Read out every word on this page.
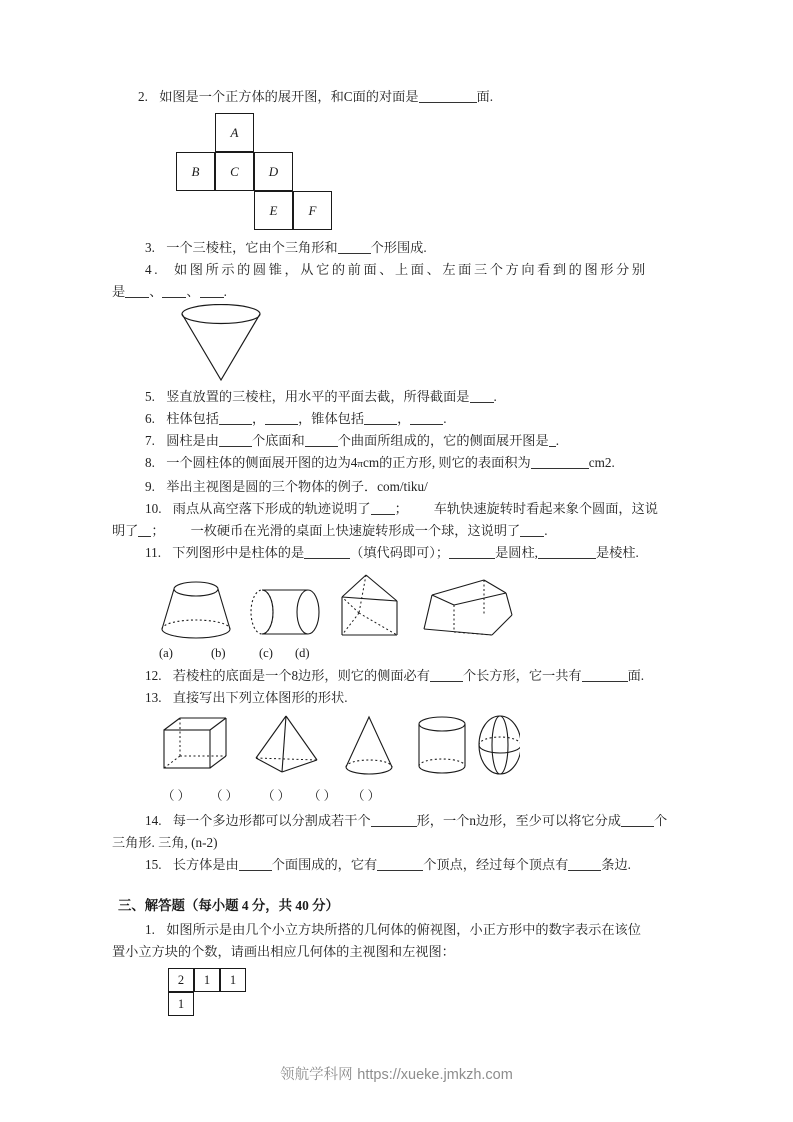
2. 如图是一个正方体的展开图，和C面的对面是	面.

A
B	C	D
E	F

3. 一个三棱柱，它由个三角形和	个形围成.

4. 如图所示的圆锥，从它的前面、上面、左面三个方向看到的图形分别

是 、 、 .

5. 竖直放置的三棱柱，用水平的平面去截，所得截面是 .

6. 柱体包括	，	，锥体包括	，	.

7. 圆柱是由	个底面和	个曲面所组成的，它的侧面展开图是 .

8. 一个圆柱体的侧面展开图的边为4πcm的正方形, 则它的表面积为	cm2.

9. 举出主视图是圆的三个物体的例子．com/tiku/

10. 雨点从高空落下形成的轨迹说明了 ； 车轨快速旋转时看起来象个圆面，这说

明了 ； 一枚硬币在光滑的桌面上快速旋转形成一个球，这说明了 .

11. 下列图形中是柱体的是	（填代码即可）；	是圆柱,	是棱柱.

(a)	(b)	(c) (d)

12. 若棱柱的底面是一个8边形，则它的侧面必有	个长方形，它一共有	面.

13. 直接写出下列立体图形的形状.

（ ） （ ） （ ） （ ） （ ）

14. 每一个多边形都可以分割成若干个	形，一个n边形，至少可以将它分成	个

三角形. 三角, (n-2)

15. 长方体是由	个面围成的，它有	个顶点，经过每个顶点有	条边.

三、解答题（每小题 4 分，共 40 分）

1. 如图所示是由几个小立方块所搭的几何体的俯视图，小正方形中的数字表示在该位

置小立方块的个数，请画出相应几何体的主视图和左视图：

2	1	1
1
领航学科网 https://xueke.jmkzh.com
